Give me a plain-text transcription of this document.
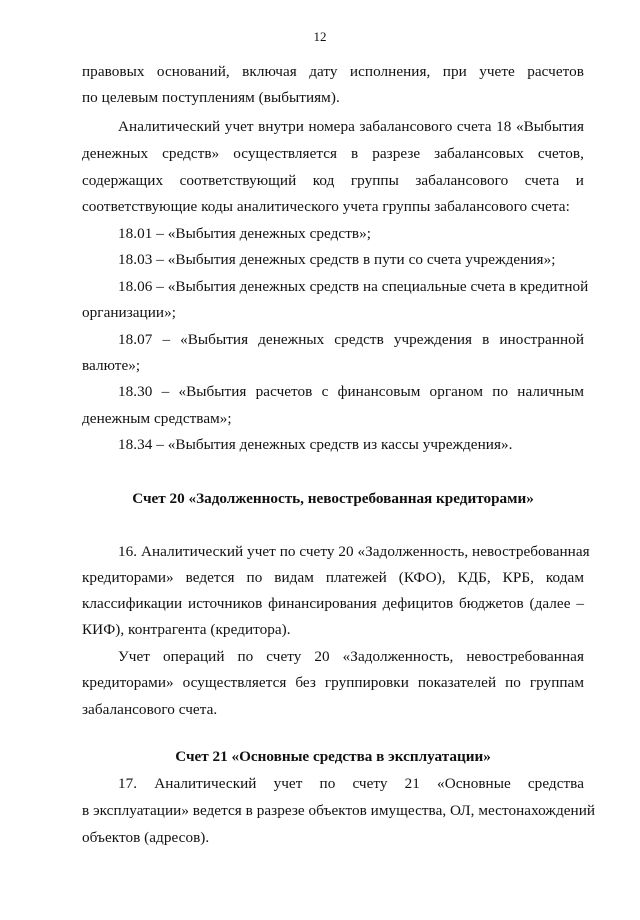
12
правовых оснований, включая дату исполнения, при учете расчетов
по целевым поступлениям (выбытиям).
Аналитический учет внутри номера забалансового счета 18 «Выбытия
денежных средств» осуществляется в разрезе забалансовых счетов,
содержащих соответствующий код группы забалансового счета и
соответствующие коды аналитического учета группы забалансового счета:
18.01 – «Выбытия денежных средств»;
18.03 – «Выбытия денежных средств в пути со счета учреждения»;
18.06 – «Выбытия денежных средств на специальные счета в кредитной
организации»;
18.07 – «Выбытия денежных средств учреждения в иностранной
валюте»;
18.30 – «Выбытия расчетов с финансовым органом по наличным
денежным средствам»;
18.34 – «Выбытия денежных средств из кассы учреждения».
Счет 20 «Задолженность, невостребованная кредиторами»
16. Аналитический учет по счету 20 «Задолженность, невостребованная
кредиторами» ведется по видам платежей (КФО), КДБ, КРБ, кодам
классификации источников финансирования дефицитов бюджетов (далее –
КИФ), контрагента (кредитора).
Учет операций по счету 20 «Задолженность, невостребованная
кредиторами» осуществляется без группировки показателей по группам
забалансового счета.
Счет 21 «Основные средства в эксплуатации»
17. Аналитический учет по счету 21 «Основные средства
в эксплуатации» ведется в разрезе объектов имущества, ОЛ, местонахождений
объектов (адресов).
